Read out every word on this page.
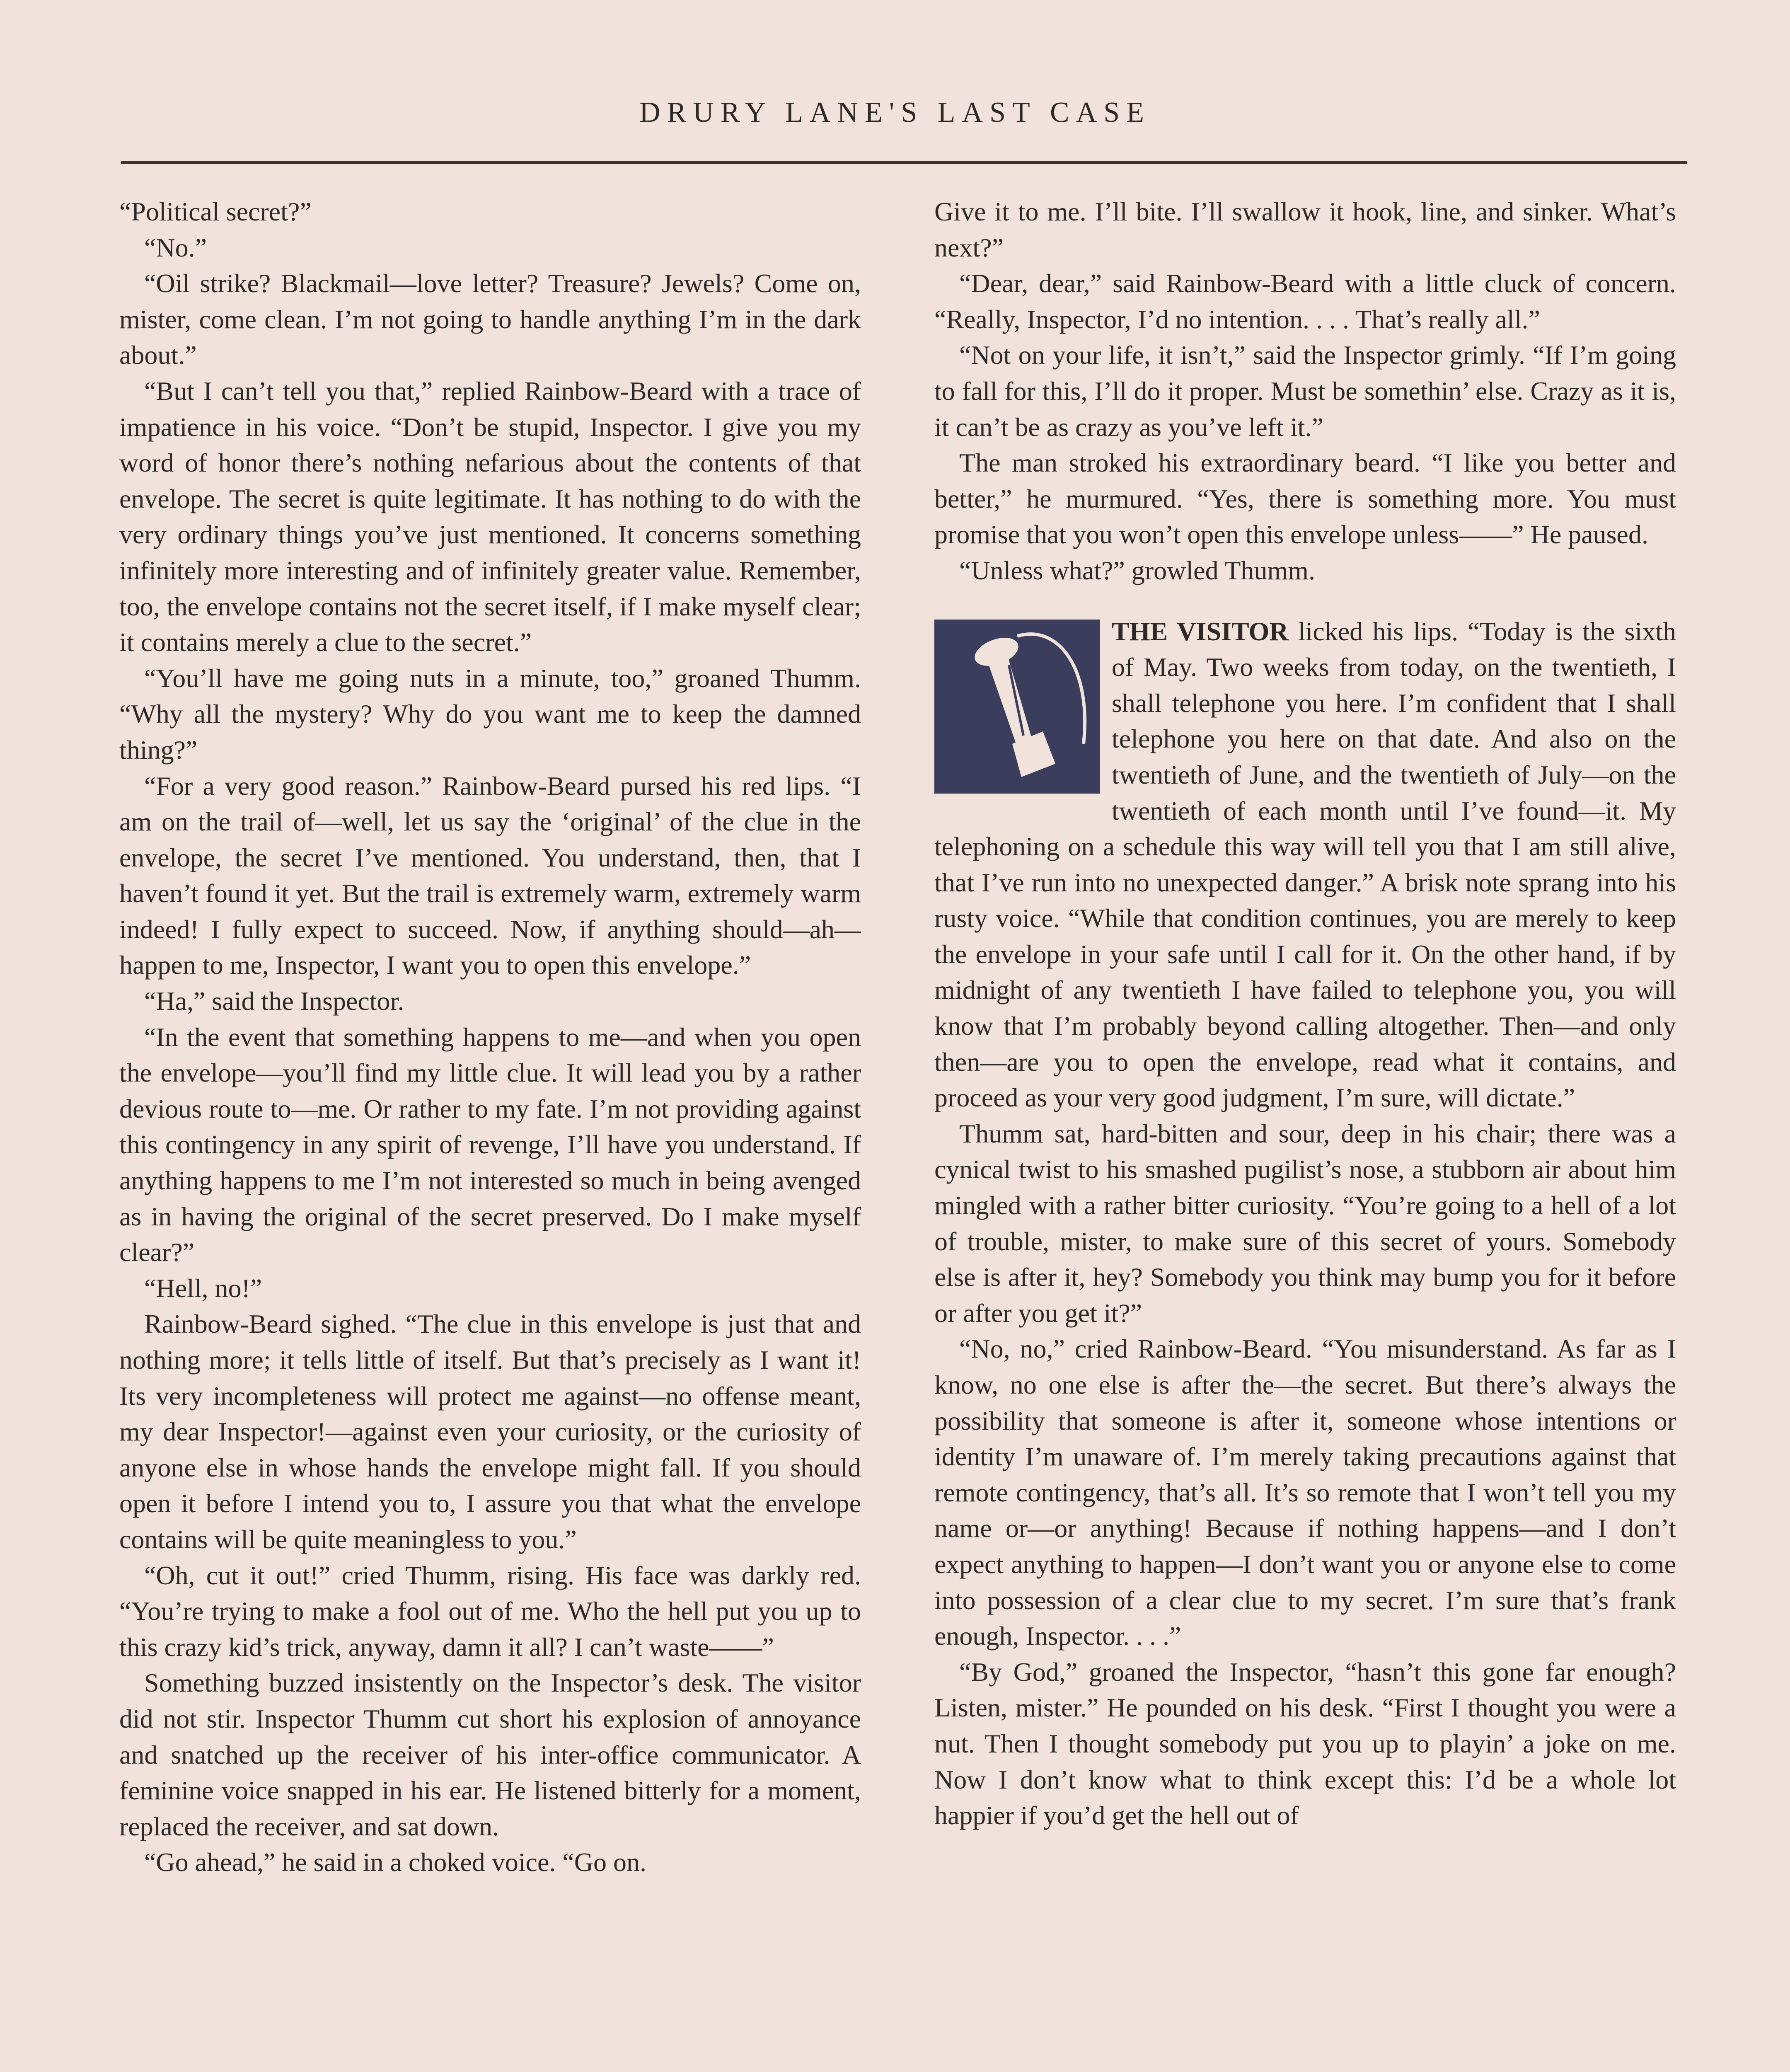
DRURY LANE'S LAST CASE

“Political secret?”

“No.”

“Oil strike? Blackmail—love letter? Treasure? Jewels? Come on, mister, come clean. I’m not going to handle anything I’m in the dark about.”

“But I can’t tell you that,” replied Rainbow-Beard with a trace of impatience in his voice. “Don’t be stupid, Inspector. I give you my word of honor there’s nothing nefarious about the contents of that envelope. The secret is quite legitimate. It has nothing to do with the very ordinary things you’ve just mentioned. It concerns something infinitely more interesting and of infinitely greater value. Remember, too, the envelope contains not the secret itself, if I make myself clear; it contains merely a clue to the secret.”

“You’ll have me going nuts in a minute, too,” groaned Thumm. “Why all the mystery? Why do you want me to keep the damned thing?”

“For a very good reason.” Rainbow-Beard pursed his red lips. “I am on the trail of—well, let us say the ‘original’ of the clue in the envelope, the secret I’ve mentioned. You understand, then, that I haven’t found it yet. But the trail is extremely warm, extremely warm indeed! I fully expect to succeed. Now, if anything should—ah—happen to me, Inspector, I want you to open this envelope.”

“Ha,” said the Inspector.

“In the event that something happens to me—and when you open the envelope—you’ll find my little clue. It will lead you by a rather devious route to—me. Or rather to my fate. I’m not providing against this contingency in any spirit of revenge, I’ll have you understand. If anything happens to me I’m not interested so much in being avenged as in having the original of the secret preserved. Do I make myself clear?”

“Hell, no!”

Rainbow-Beard sighed. “The clue in this envelope is just that and nothing more; it tells little of itself. But that’s precisely as I want it! Its very incompleteness will protect me against—no offense meant, my dear Inspector!—against even your curiosity, or the curiosity of anyone else in whose hands the envelope might fall. If you should open it before I intend you to, I assure you that what the envelope contains will be quite meaningless to you.”

“Oh, cut it out!” cried Thumm, rising. His face was darkly red. “You’re trying to make a fool out of me. Who the hell put you up to this crazy kid’s trick, anyway, damn it all? I can’t waste——”

Something buzzed insistently on the Inspector’s desk. The visitor did not stir. Inspector Thumm cut short his explosion of annoyance and snatched up the receiver of his inter-office communicator. A feminine voice snapped in his ear. He listened bitterly for a moment, replaced the receiver, and sat down.

“Go ahead,” he said in a choked voice. “Go on.

Give it to me. I’ll bite. I’ll swallow it hook, line, and sinker. What’s next?”

“Dear, dear,” said Rainbow-Beard with a little cluck of concern. “Really, Inspector, I’d no intention. . . . That’s really all.”

“Not on your life, it isn’t,” said the Inspector grimly. “If I’m going to fall for this, I’ll do it proper. Must be somethin’ else. Crazy as it is, it can’t be as crazy as you’ve left it.”

The man stroked his extraordinary beard. “I like you better and better,” he murmured. “Yes, there is something more. You must promise that you won’t open this envelope unless——” He paused.

“Unless what?” growled Thumm.

THE VISITOR licked his lips. “Today is the sixth of May. Two weeks from today, on the twentieth, I shall telephone you here. I’m confident that I shall telephone you here on that date. And also on the twentieth of June, and the twentieth of July—on the twentieth of each month until I’ve found—it. My telephoning on a schedule this way will tell you that I am still alive, that I’ve run into no unexpected danger.” A brisk note sprang into his rusty voice. “While that condition continues, you are merely to keep the envelope in your safe until I call for it. On the other hand, if by midnight of any twentieth I have failed to telephone you, you will know that I’m probably beyond calling altogether. Then—and only then—are you to open the envelope, read what it contains, and proceed as your very good judgment, I’m sure, will dictate.”

Thumm sat, hard-bitten and sour, deep in his chair; there was a cynical twist to his smashed pugilist’s nose, a stubborn air about him mingled with a rather bitter curiosity. “You’re going to a hell of a lot of trouble, mister, to make sure of this secret of yours. Somebody else is after it, hey? Somebody you think may bump you for it before or after you get it?”

“No, no,” cried Rainbow-Beard. “You misunderstand. As far as I know, no one else is after the—the secret. But there’s always the possibility that someone is after it, someone whose intentions or identity I’m unaware of. I’m merely taking precautions against that remote contingency, that’s all. It’s so remote that I won’t tell you my name or—or anything! Because if nothing happens—and I don’t expect anything to happen—I don’t want you or anyone else to come into possession of a clear clue to my secret. I’m sure that’s frank enough, Inspector. . . .”

“By God,” groaned the Inspector, “hasn’t this gone far enough? Listen, mister.” He pounded on his desk. “First I thought you were a nut. Then I thought somebody put you up to playin’ a joke on me. Now I don’t know what to think except this: I’d be a whole lot happier if you’d get the hell out of
